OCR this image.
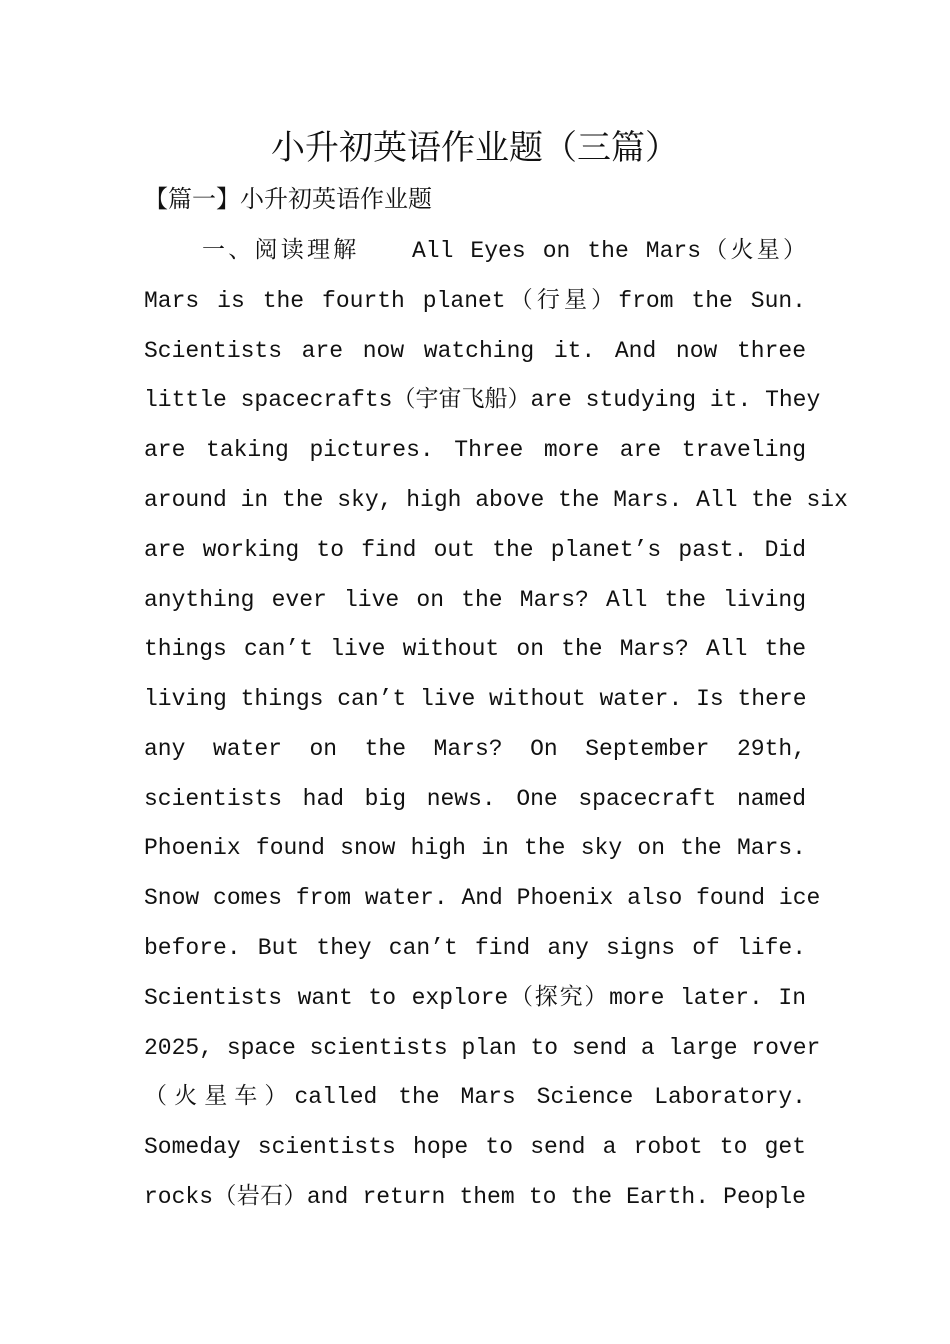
小升初英语作业题（三篇）
【篇一】小升初英语作业题
一、阅读理解　　All Eyes on the Mars（火星）
Mars is the fourth planet（行星）from the Sun.
Scientists are now watching it. And now three
little spacecrafts（宇宙飞船）are studying it. They
are taking pictures. Three more are traveling
around in the sky, high above the Mars. All the six
are working to find out the planet’s past. Did
anything ever live on the Mars? All the living
things can’t live without on the Mars? All the
living things can’t live without water. Is there
any water on the Mars? On September 29th,
scientists had big news. One spacecraft named
Phoenix found snow high in the sky on the Mars.
Snow comes from water. And Phoenix also found ice
before. But they can’t find any signs of life.
Scientists want to explore（探究）more later. In
2025, space scientists plan to send a large rover
（火星车）called the Mars Science Laboratory.
Someday scientists hope to send a robot to get
rocks（岩石）and return them to the Earth. People
